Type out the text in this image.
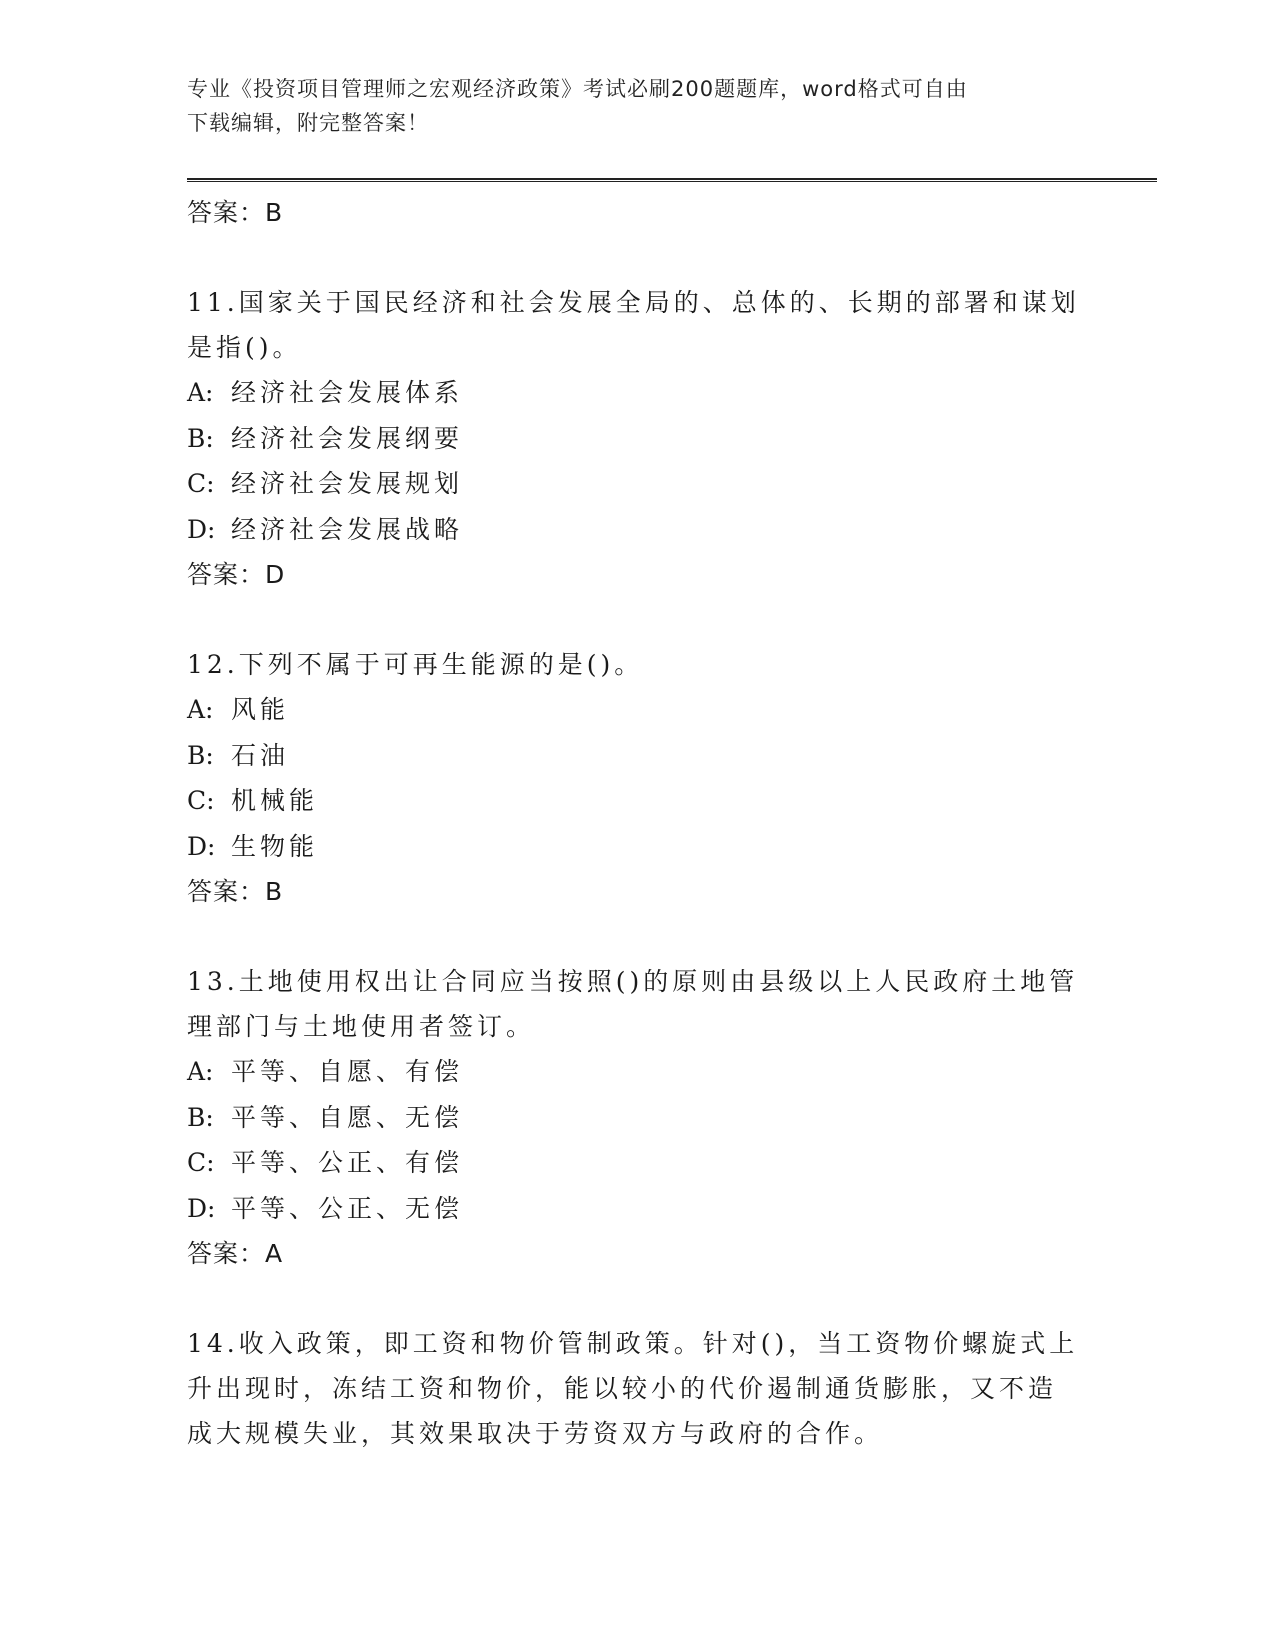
专业《投资项目管理师之宏观经济政策》考试必刷200题题库，word格式可自由
下载编辑，附完整答案！
答案：B
11.国家关于国民经济和社会发展全局的、总体的、长期的部署和谋划
是指()。
A: 经济社会发展体系
B: 经济社会发展纲要
C: 经济社会发展规划
D: 经济社会发展战略
答案：D
12.下列不属于可再生能源的是()。
A: 风能
B: 石油
C: 机械能
D: 生物能
答案：B
13.土地使用权出让合同应当按照()的原则由县级以上人民政府土地管
理部门与土地使用者签订。
A: 平等、自愿、有偿
B: 平等、自愿、无偿
C: 平等、公正、有偿
D: 平等、公正、无偿
答案：A
14.收入政策，即工资和物价管制政策。针对()，当工资物价螺旋式上
升出现时，冻结工资和物价，能以较小的代价遏制通货膨胀，又不造
成大规模失业，其效果取决于劳资双方与政府的合作。
